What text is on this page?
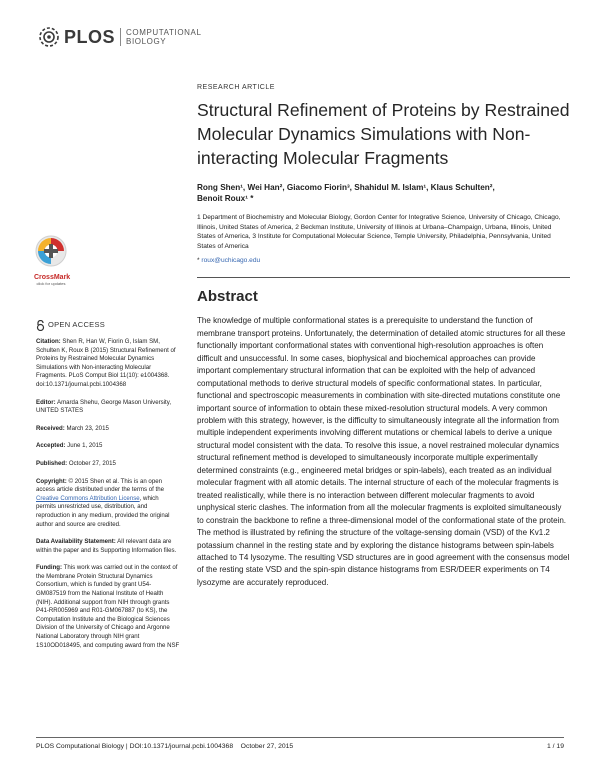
PLOS COMPUTATIONAL
BIOLOGY
CrossMark
click for updates
OPEN ACCESS
Citation: Shen R, Han W, Fiorin G, Islam SM, Schulten K, Roux B (2015) Structural Refinement of Proteins by Restrained Molecular Dynamics Simulations with Non-interacting Molecular Fragments. PLoS Comput Biol 11(10): e1004368. doi:10.1371/journal.pcbi.1004368
Editor: Amarda Shehu, George Mason University, UNITED STATES
Received: March 23, 2015
Accepted: June 1, 2015
Published: October 27, 2015
Copyright: © 2015 Shen et al. This is an open access article distributed under the terms of the Creative Commons Attribution License, which permits unrestricted use, distribution, and reproduction in any medium, provided the original author and source are credited.
Data Availability Statement: All relevant data are within the paper and its Supporting Information files.
Funding: This work was carried out in the context of the Membrane Protein Structural Dynamics Consortium, which is funded by grant U54-GM087519 from the National Institute of Health (NIH). Additional support from NIH through grants P41-RR005969 and R01-GM067887 (to KS), the Computation Institute and the Biological Sciences Division of the University of Chicago and Argonne National Laboratory through NIH grant 1S10OD018495, and computing award from the NSF
RESEARCH ARTICLE
Structural Refinement of Proteins by Restrained Molecular Dynamics Simulations with Non-interacting Molecular Fragments
Rong Shen¹, Wei Han², Giacomo Fiorin³, Shahidul M. Islam¹, Klaus Schulten²,
Benoit Roux¹ *
1 Department of Biochemistry and Molecular Biology, Gordon Center for Integrative Science, University of Chicago, Chicago, Illinois, United States of America, 2 Beckman Institute, University of Illinois at Urbana–Champaign, Urbana, Illinois, United States of America, 3 Institute for Computational Molecular Science, Temple University, Philadelphia, Pennsylvania, United States of America
* roux@uchicago.edu
Abstract

The knowledge of multiple conformational states is a prerequisite to understand the function of membrane transport proteins. Unfortunately, the determination of detailed atomic structures for all these functionally important conformational states with conventional high-resolution approaches is often difficult and unsuccessful. In some cases, biophysical and biochemical approaches can provide important complementary structural information that can be exploited with the help of advanced computational methods to derive structural models of specific conformational states. In particular, functional and spectroscopic measurements in combination with site-directed mutations constitute one important source of information to obtain these mixed-resolution structural models. A very common problem with this strategy, however, is the difficulty to simultaneously integrate all the information from multiple independent experiments involving different mutations or chemical labels to derive a unique structural model consistent with the data. To resolve this issue, a novel restrained molecular dynamics structural refinement method is developed to simultaneously incorporate multiple experimentally determined constraints (e.g., engineered metal bridges or spin-labels), each treated as an individual molecular fragment with all atomic details. The internal structure of each of the molecular fragments is treated realistically, while there is no interaction between different molecular fragments to avoid unphysical steric clashes. The information from all the molecular fragments is exploited simultaneously to constrain the backbone to refine a three-dimensional model of the conformational state of the protein. The method is illustrated by refining the structure of the voltage-sensing domain (VSD) of the Kv1.2 potassium channel in the resting state and by exploring the distance histograms between spin-labels attached to T4 lysozyme. The resulting VSD structures are in good agreement with the consensus model of the resting state VSD and the spin-spin distance histograms from ESR/DEER experiments on T4 lysozyme are accurately reproduced.

PLOS Computational Biology | DOI:10.1371/journal.pcbi.1004368    October 27, 2015	1 / 19
